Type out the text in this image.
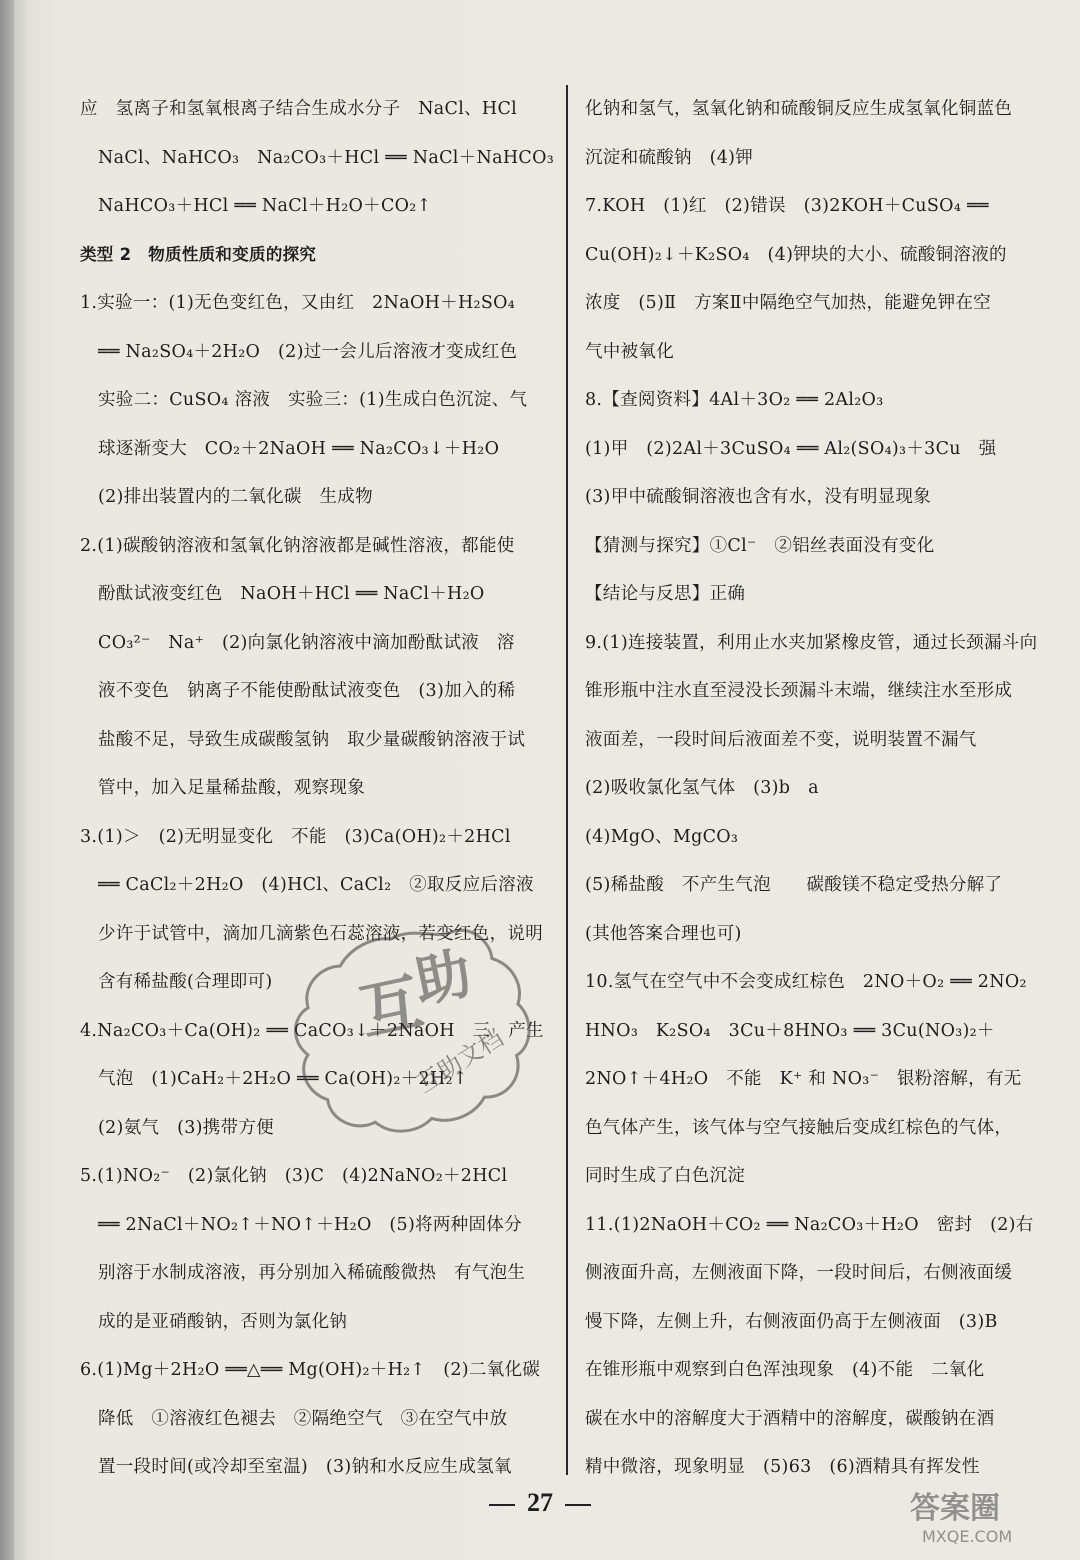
应　氢离子和氢氧根离子结合生成水分子　NaCl、HCl
NaCl、NaHCO₃　Na₂CO₃＋HCl ══ NaCl＋NaHCO₃
NaHCO₃＋HCl ══ NaCl＋H₂O＋CO₂↑
类型 2　物质性质和变质的探究
1.实验一：(1)无色变红色，又由红　2NaOH＋H₂SO₄
══ Na₂SO₄＋2H₂O　(2)过一会儿后溶液才变成红色
实验二：CuSO₄ 溶液　实验三：(1)生成白色沉淀、气
球逐渐变大　CO₂＋2NaOH ══ Na₂CO₃↓＋H₂O
(2)排出装置内的二氧化碳　生成物
2.(1)碳酸钠溶液和氢氧化钠溶液都是碱性溶液，都能使
酚酞试液变红色　NaOH＋HCl ══ NaCl＋H₂O
CO₃²⁻　Na⁺　(2)向氯化钠溶液中滴加酚酞试液　溶
液不变色　钠离子不能使酚酞试液变色　(3)加入的稀
盐酸不足，导致生成碳酸氢钠　取少量碳酸钠溶液于试
管中，加入足量稀盐酸，观察现象
3.(1)＞　(2)无明显变化　不能　(3)Ca(OH)₂＋2HCl
══ CaCl₂＋2H₂O　(4)HCl、CaCl₂　②取反应后溶液
少许于试管中，滴加几滴紫色石蕊溶液，若变红色，说明
含有稀盐酸(合理即可)
4.Na₂CO₃＋Ca(OH)₂ ══ CaCO₃↓＋2NaOH　三　产生
气泡　(1)CaH₂＋2H₂O ══ Ca(OH)₂＋2H₂↑
(2)氨气　(3)携带方便
5.(1)NO₂⁻　(2)氯化钠　(3)C　(4)2NaNO₂＋2HCl
══ 2NaCl＋NO₂↑＋NO↑＋H₂O　(5)将两种固体分
别溶于水制成溶液，再分别加入稀硫酸微热　有气泡生
成的是亚硝酸钠，否则为氯化钠
6.(1)Mg＋2H₂O ══△══ Mg(OH)₂＋H₂↑　(2)二氧化碳
降低　①溶液红色褪去　②隔绝空气　③在空气中放
置一段时间(或冷却至室温)　(3)钠和水反应生成氢氧
化钠和氢气，氢氧化钠和硫酸铜反应生成氢氧化铜蓝色
沉淀和硫酸钠　(4)钾
7.KOH　(1)红　(2)错误　(3)2KOH＋CuSO₄ ══
Cu(OH)₂↓＋K₂SO₄　(4)钾块的大小、硫酸铜溶液的
浓度　(5)Ⅱ　方案Ⅱ中隔绝空气加热，能避免钾在空
气中被氧化
8.【查阅资料】4Al＋3O₂ ══ 2Al₂O₃
(1)甲　(2)2Al＋3CuSO₄ ══ Al₂(SO₄)₃＋3Cu　强
(3)甲中硫酸铜溶液也含有水，没有明显现象
【猜测与探究】①Cl⁻　②铝丝表面没有变化
【结论与反思】正确
9.(1)连接装置，利用止水夹加紧橡皮管，通过长颈漏斗向
锥形瓶中注水直至浸没长颈漏斗末端，继续注水至形成
液面差，一段时间后液面差不变，说明装置不漏气
(2)吸收氯化氢气体　(3)b　a
(4)MgO、MgCO₃
(5)稀盐酸　不产生气泡　　碳酸镁不稳定受热分解了
(其他答案合理也可)
10.氢气在空气中不会变成红棕色　2NO＋O₂ ══ 2NO₂
HNO₃　K₂SO₄　3Cu＋8HNO₃ ══ 3Cu(NO₃)₂＋
2NO↑＋4H₂O　不能　K⁺ 和 NO₃⁻　银粉溶解，有无
色气体产生，该气体与空气接触后变成红棕色的气体，
同时生成了白色沉淀
11.(1)2NaOH＋CO₂ ══ Na₂CO₃＋H₂O　密封　(2)右
侧液面升高，左侧液面下降，一段时间后，右侧液面缓
慢下降，左侧上升，右侧液面仍高于左侧液面　(3)B
在锥形瓶中观察到白色浑浊现象　(4)不能　二氧化
碳在水中的溶解度大于酒精中的溶解度，碳酸钠在酒
精中微溶，现象明显　(5)63　(6)酒精具有挥发性
互
助
互助文档
27	答案圈
MXQE.COM
